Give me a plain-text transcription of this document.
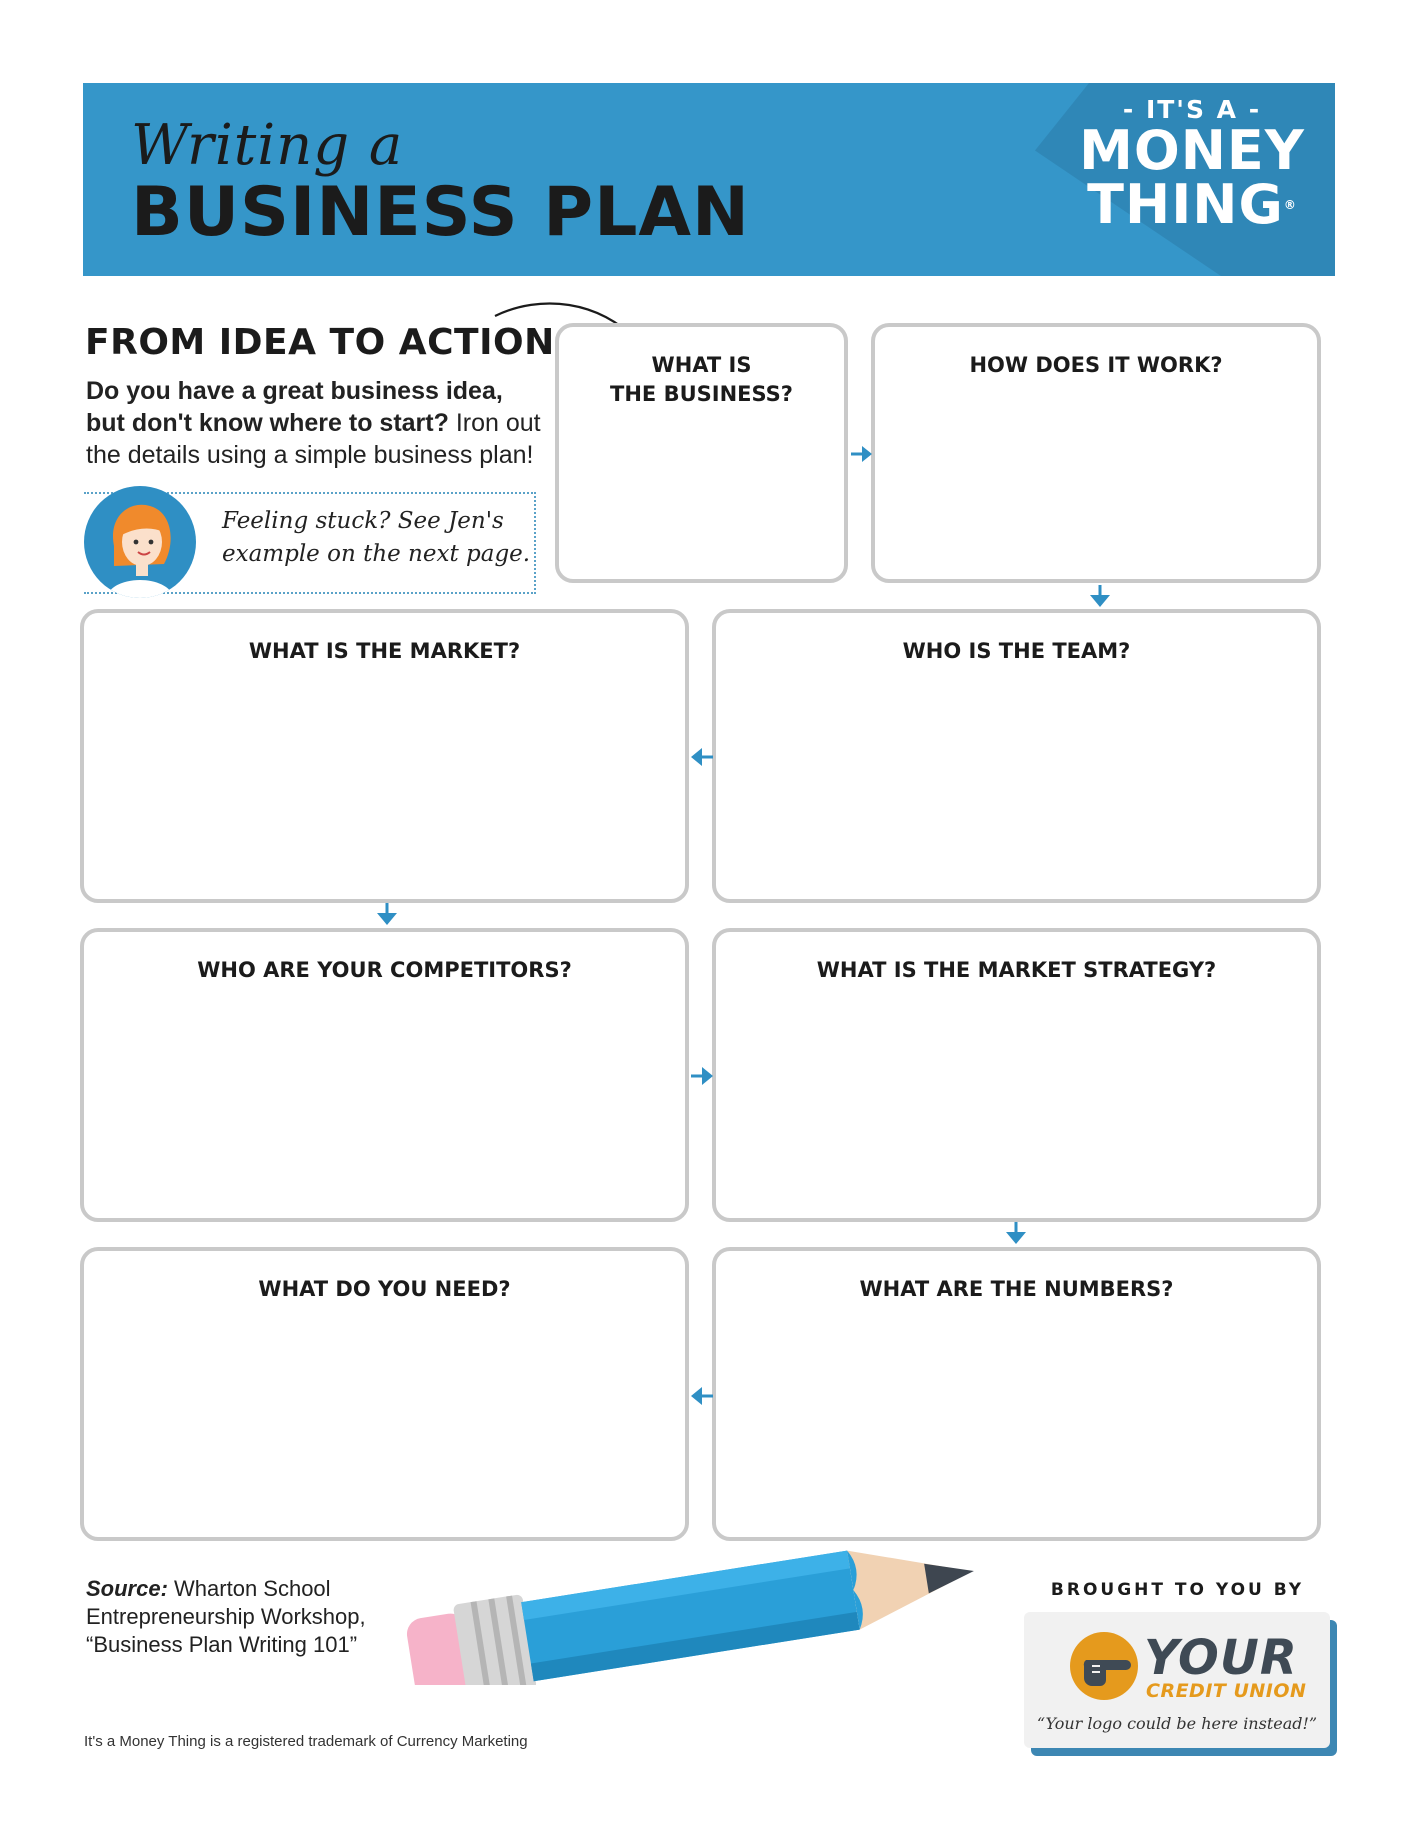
Writing a
BUSINESS PLAN
- IT'S A -
MONEY
THING®
FROM IDEA TO ACTION
Do you have a great business idea, but don't know where to start? Iron out the details using a simple business plan!
Feeling stuck? See Jen's example on the next page.
WHAT IS
THE BUSINESS?
HOW DOES IT WORK?
WHAT IS THE MARKET?	WHO IS THE TEAM?
WHO ARE YOUR COMPETITORS?	WHAT IS THE MARKET STRATEGY?
WHAT DO YOU NEED?	WHAT ARE THE NUMBERS?
Source: Wharton School Entrepreneurship Workshop, “Business Plan Writing 101”
It's a Money Thing is a registered trademark of Currency Marketing
BROUGHT TO YOU BY
YOUR
CREDIT UNION
“Your logo could be here instead!”
